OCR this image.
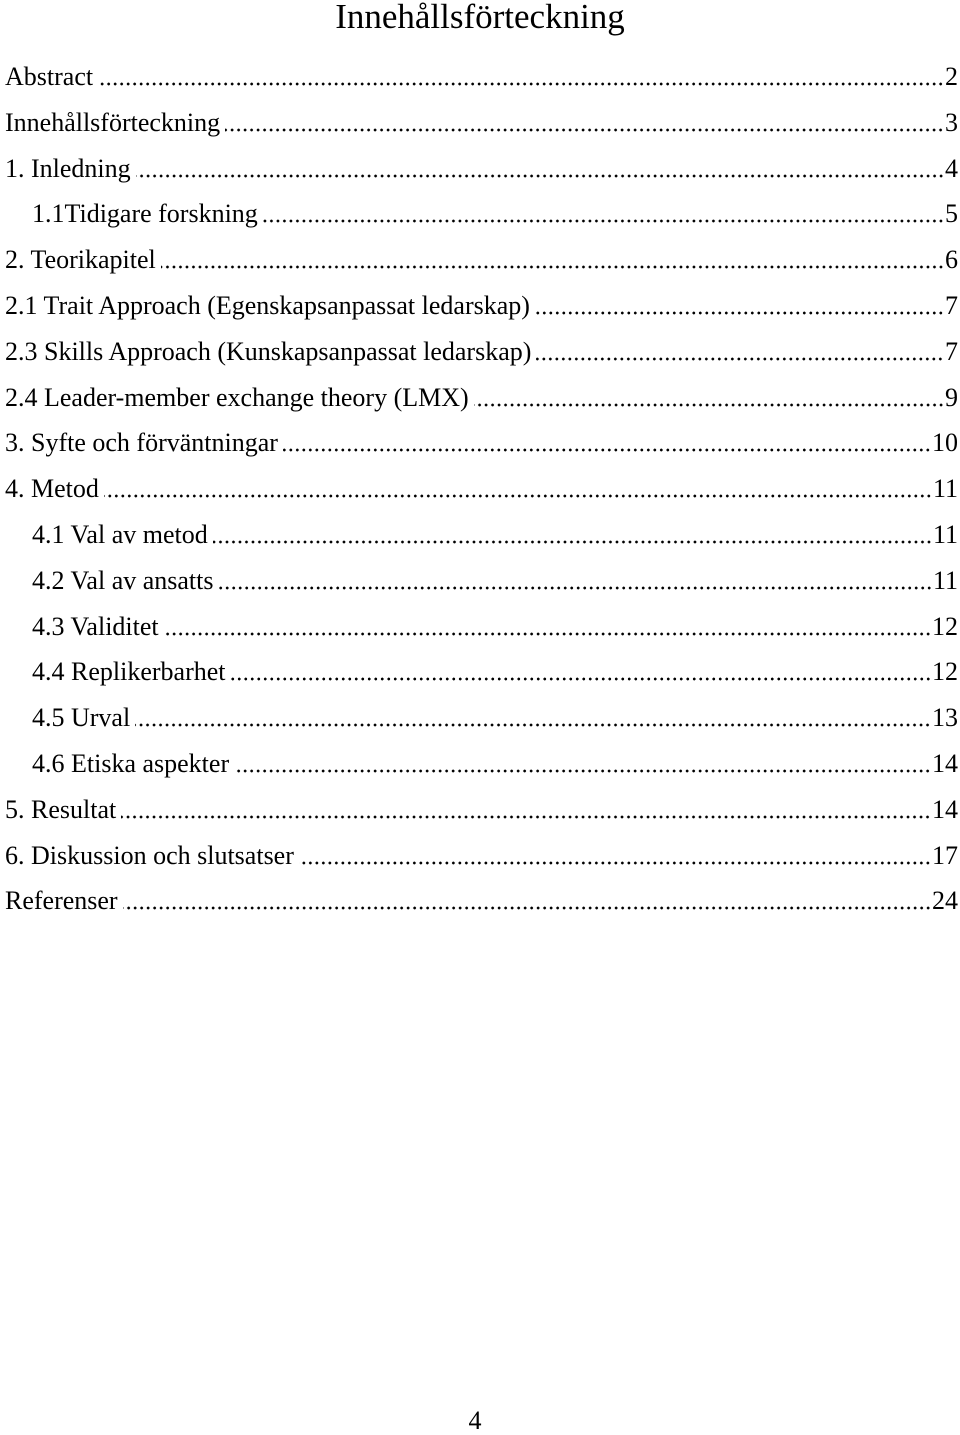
Innehållsförteckning
Abstract	2
Innehållsförteckning	3
1. Inledning	4
1.1Tidigare forskning	5
2. Teorikapitel	6
2.1 Trait Approach (Egenskapsanpassat ledarskap)	7
2.3 Skills Approach (Kunskapsanpassat ledarskap)	7
2.4 Leader-member exchange theory (LMX)	9
3. Syfte och förväntningar	10
4. Metod	11
4.1 Val av metod	11
4.2 Val av ansatts	11
4.3 Validitet	12
4.4 Replikerbarhet	12
4.5 Urval	13
4.6 Etiska aspekter	14
5. Resultat	14
6. Diskussion och slutsatser	17
Referenser	24
4
